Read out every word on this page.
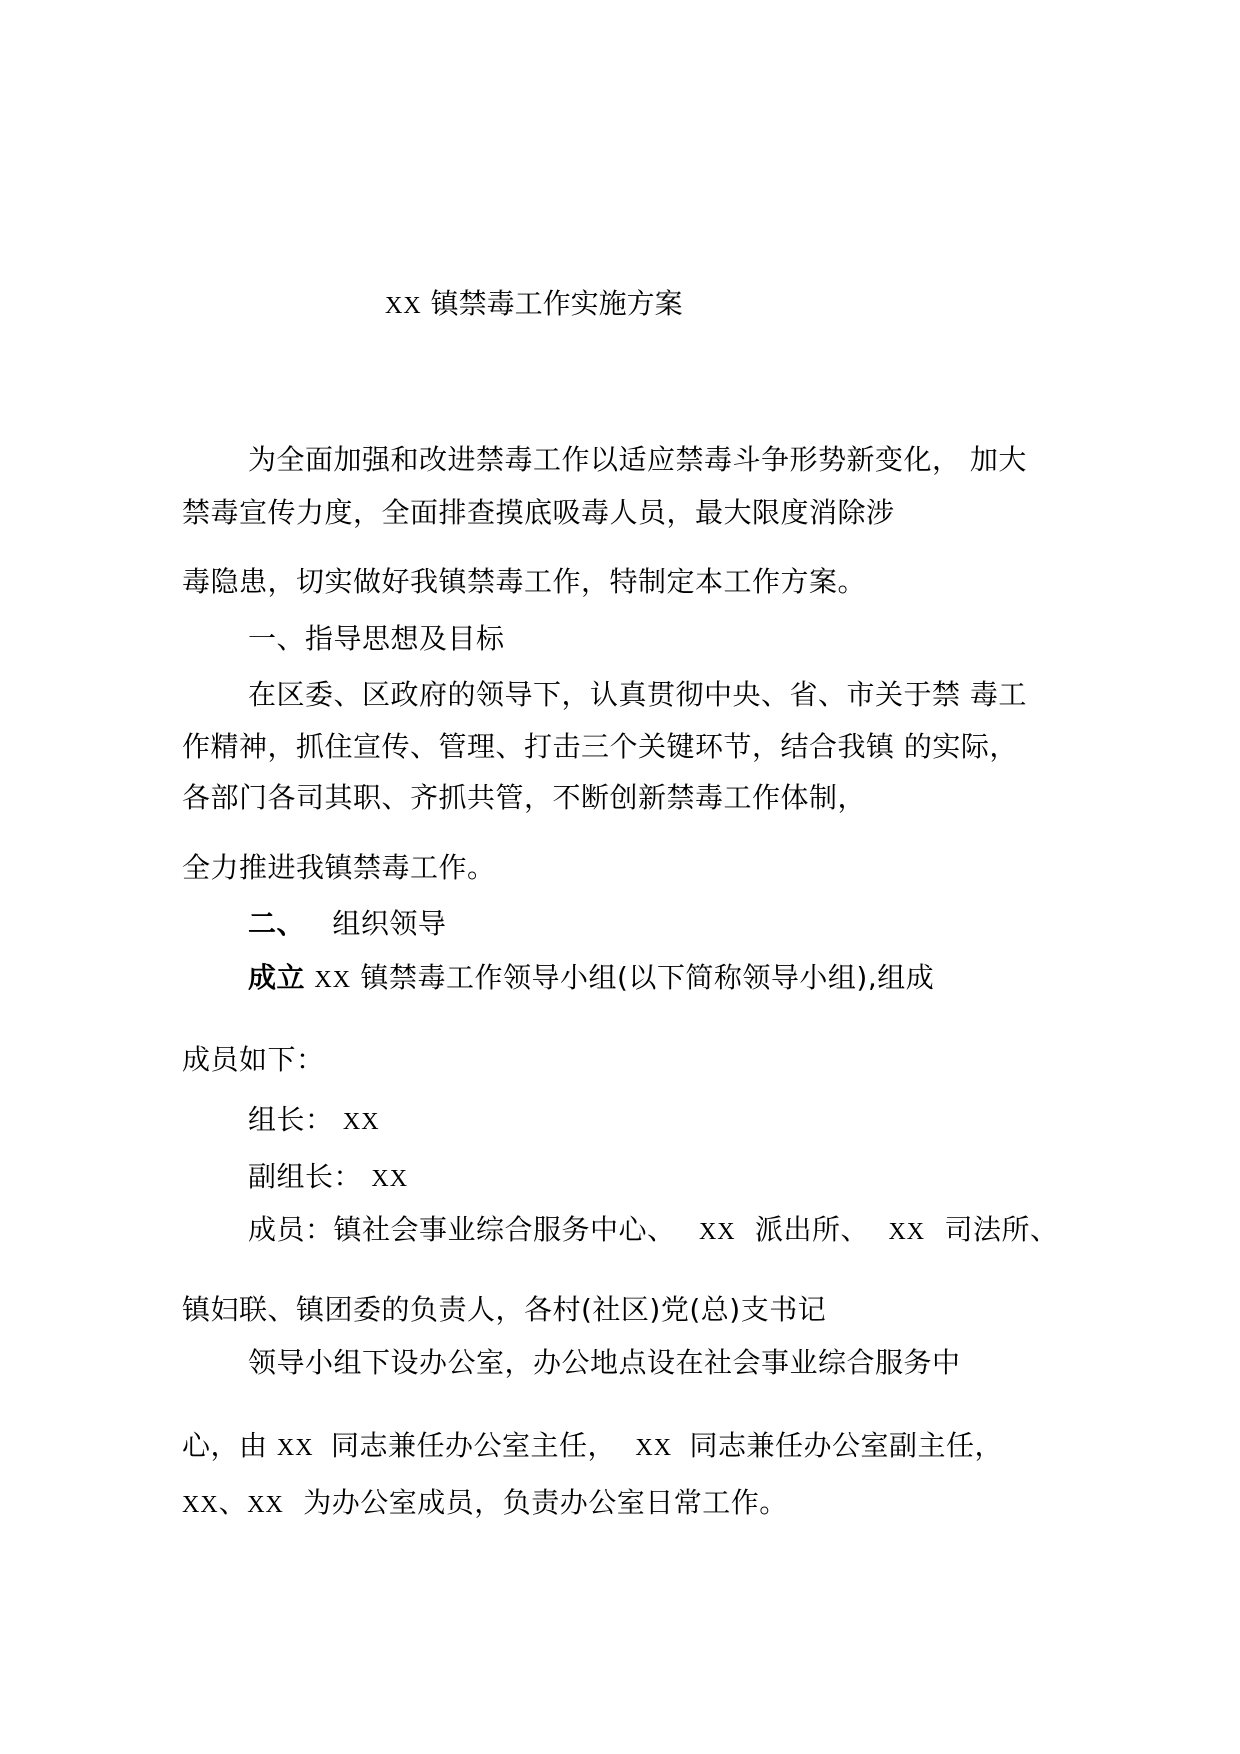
XX 镇禁毒工作实施方案
为全面加强和改进禁毒工作以适应禁毒斗争形势新变化， 加大
禁毒宣传力度，全面排查摸底吸毒人员，最大限度消除涉
毒隐患，切实做好我镇禁毒工作，特制定本工作方案。
一、指导思想及目标
在区委、区政府的领导下，认真贯彻中央、省、市关于禁 毒工
作精神，抓住宣传、管理、打击三个关键环节，结合我镇 的实际，
各部门各司其职、齐抓共管，不断创新禁毒工作体制，
全力推进我镇禁毒工作。
二、 组织领导
成立 XX 镇禁毒工作领导小组(以下简称领导小组),组成
成员如下：
组长： XX
副组长： XX
成员：镇社会事业综合服务中心、 XX 派出所、 XX 司法所、
镇妇联、镇团委的负责人，各村(社区)党(总)支书记
领导小组下设办公室，办公地点设在社会事业综合服务中
心，由 XX 同志兼任办公室主任， XX 同志兼任办公室副主任，
XX、XX 为办公室成员，负责办公室日常工作。
